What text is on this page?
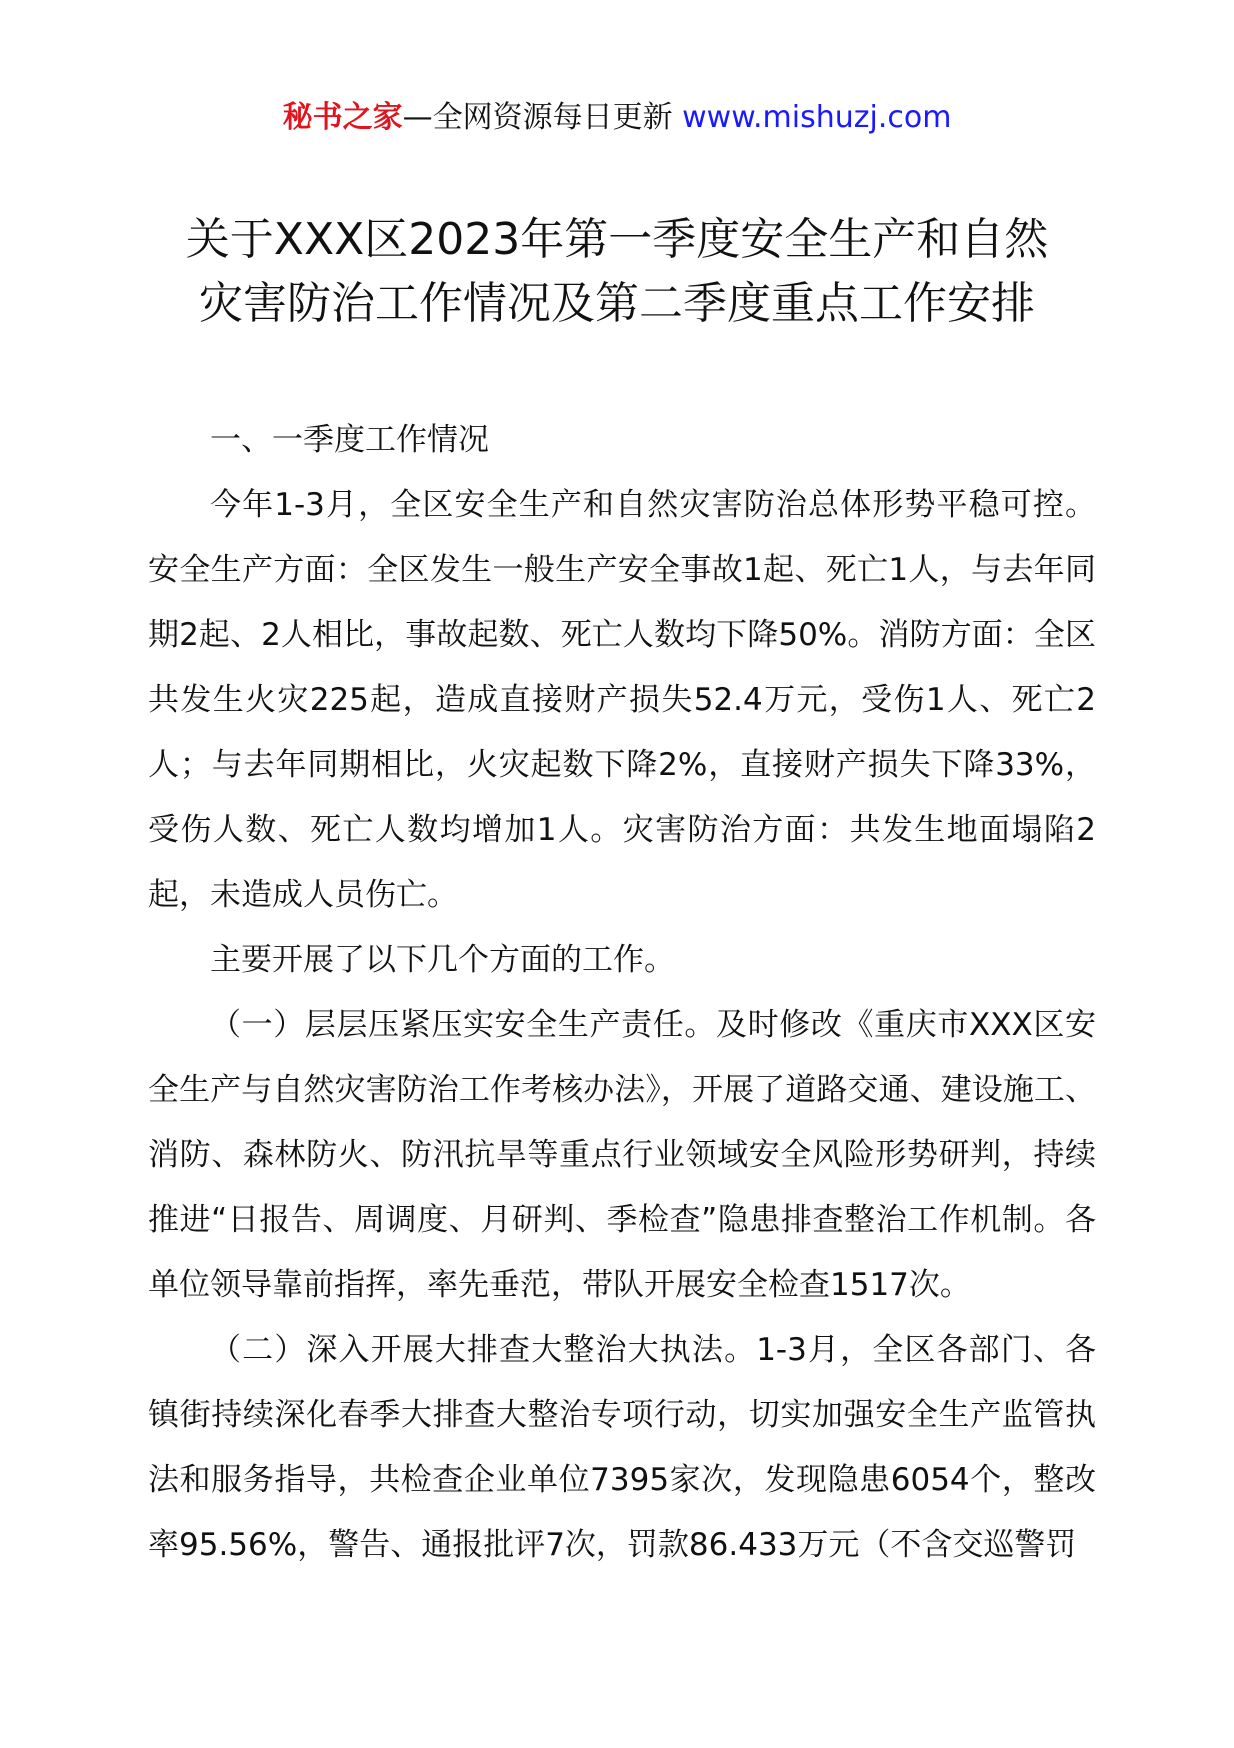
秘书之家—全网资源每日更新 www.mishuzj.com
关于XXX区2023年第一季度安全生产和自然
灾害防治工作情况及第二季度重点工作安排

一、一季度工作情况

今年1-3月，全区安全生产和自然灾害防治总体形势平稳可控。安全生产方面：全区发生一般生产安全事故1起、死亡1人，与去年同期2起、2人相比，事故起数、死亡人数均下降50%。消防方面：全区共发生火灾225起，造成直接财产损失52.4万元，受伤1人、死亡2人；与去年同期相比，火灾起数下降2%，直接财产损失下降33%，受伤人数、死亡人数均增加1人。灾害防治方面：共发生地面塌陷2起，未造成人员伤亡。

主要开展了以下几个方面的工作。

（一）层层压紧压实安全生产责任。及时修改《重庆市XXX区安全生产与自然灾害防治工作考核办法》，开展了道路交通、建设施工、消防、森林防火、防汛抗旱等重点行业领域安全风险形势研判，持续推进“日报告、周调度、月研判、季检查”隐患排查整治工作机制。各单位领导靠前指挥，率先垂范，带队开展安全检查1517次。

（二）深入开展大排查大整治大执法。1-3月，全区各部门、各镇街持续深化春季大排查大整治专项行动，切实加强安全生产监管执法和服务指导，共检查企业单位7395家次，发现隐患6054个，整改率95.56%，警告、通报批评7次，罚款86.433万元（不含交巡警罚
